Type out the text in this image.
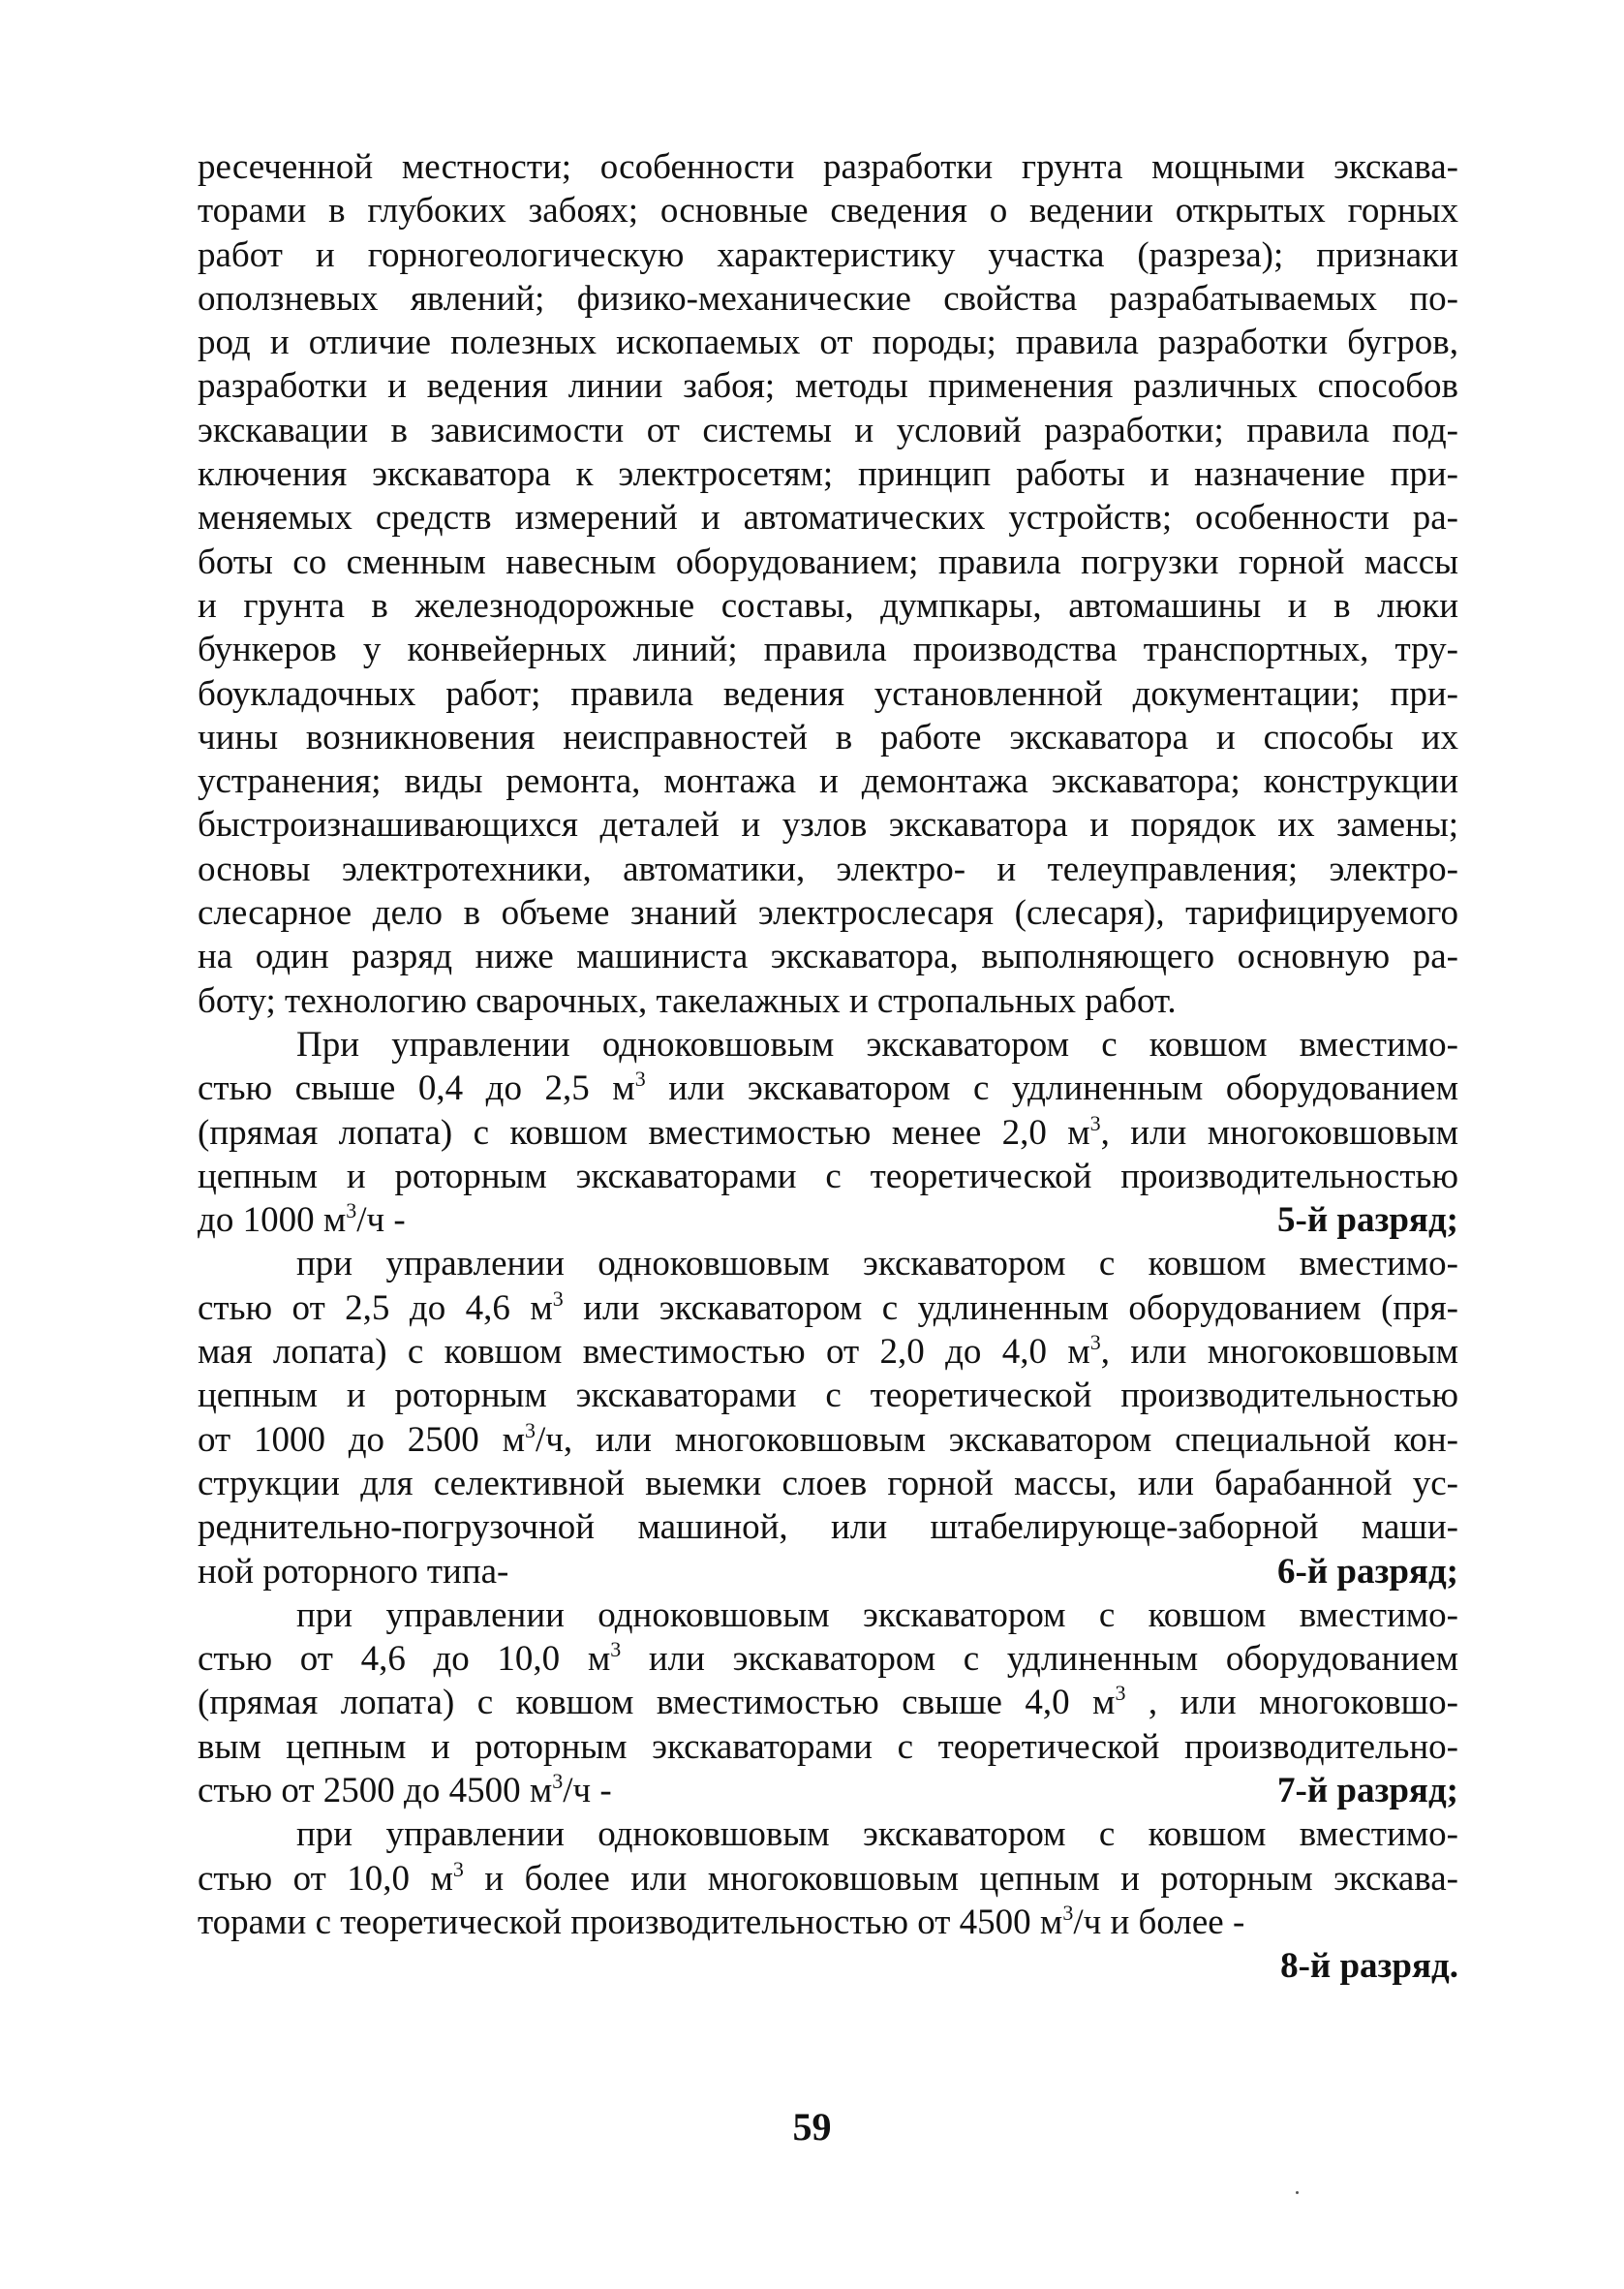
ресеченной местности; особенности разработки грунта мощными экскава-
торами в глубоких забоях; основные сведения о ведении открытых горных
работ и горногеологическую характеристику участка (разреза); признаки
оползневых явлений; физико-механические свойства разрабатываемых по-
род и отличие полезных ископаемых от породы; правила разработки бугров,
разработки и ведения линии забоя; методы применения различных способов
экскавации в зависимости от системы и условий разработки; правила под-
ключения экскаватора к электросетям; принцип работы и назначение при-
меняемых средств измерений и автоматических устройств; особенности ра-
боты со сменным навесным оборудованием; правила погрузки горной массы
и грунта в железнодорожные составы, думпкары, автомашины и в люки
бункеров у конвейерных линий; правила производства транспортных, тру-
боукладочных работ; правила ведения установленной документации; при-
чины возникновения неисправностей в работе экскаватора и способы их
устранения; виды ремонта, монтажа и демонтажа экскаватора; конструкции
быстроизнашивающихся деталей и узлов экскаватора и порядок их замены;
основы электротехники, автоматики, электро- и телеуправления; электро-
слесарное дело в объеме знаний электрослесаря (слесаря), тарифицируемого
на один разряд ниже машиниста экскаватора, выполняющего основную ра-
боту; технологию сварочных, такелажных и стропальных работ.
При управлении одноковшовым экскаватором с ковшом вместимо-
стью свыше 0,4 до 2,5 $м^3$ или экскаватором с удлиненным оборудованием
(прямая лопата) с ковшом вместимостью менее 2,0 $м^3$, или многоковшовым
цепным и роторным экскаваторами с теоретической производительностью
до 1000 $м^3/ч$ -	5-й разряд;
при управлении одноковшовым экскаватором с ковшом вместимо-
стью от 2,5 до 4,6 $м^3$ или экскаватором с удлиненным оборудованием (пря-
мая лопата) с ковшом вместимостью от 2,0 до 4,0 $м^3$, или многоковшовым
цепным и роторным экскаваторами с теоретической производительностью
от 1000 до 2500 $м^3/ч$, или многоковшовым экскаватором специальной кон-
струкции для селективной выемки слоев горной массы, или барабанной ус-
реднительно-погрузочной машиной, или штабелирующе-заборной маши-
ной роторного типа-	6-й разряд;
при управлении одноковшовым экскаватором с ковшом вместимо-
стью от 4,6 до 10,0 $м^3$ или экскаватором с удлиненным оборудованием
(прямая лопата) с ковшом вместимостью свыше 4,0 $м^3$ , или многоковшо-
вым цепным и роторным экскаваторами с теоретической производительно-
стью от 2500 до 4500 $м^3/ч$ -	7-й разряд;
при управлении одноковшовым экскаватором с ковшом вместимо-
стью от 10,0 $м^3$ и более или многоковшовым цепным и роторным экскава-
торами с теоретической производительностью от 4500 $м^3/ч$ и более -
8-й разряд.
59
